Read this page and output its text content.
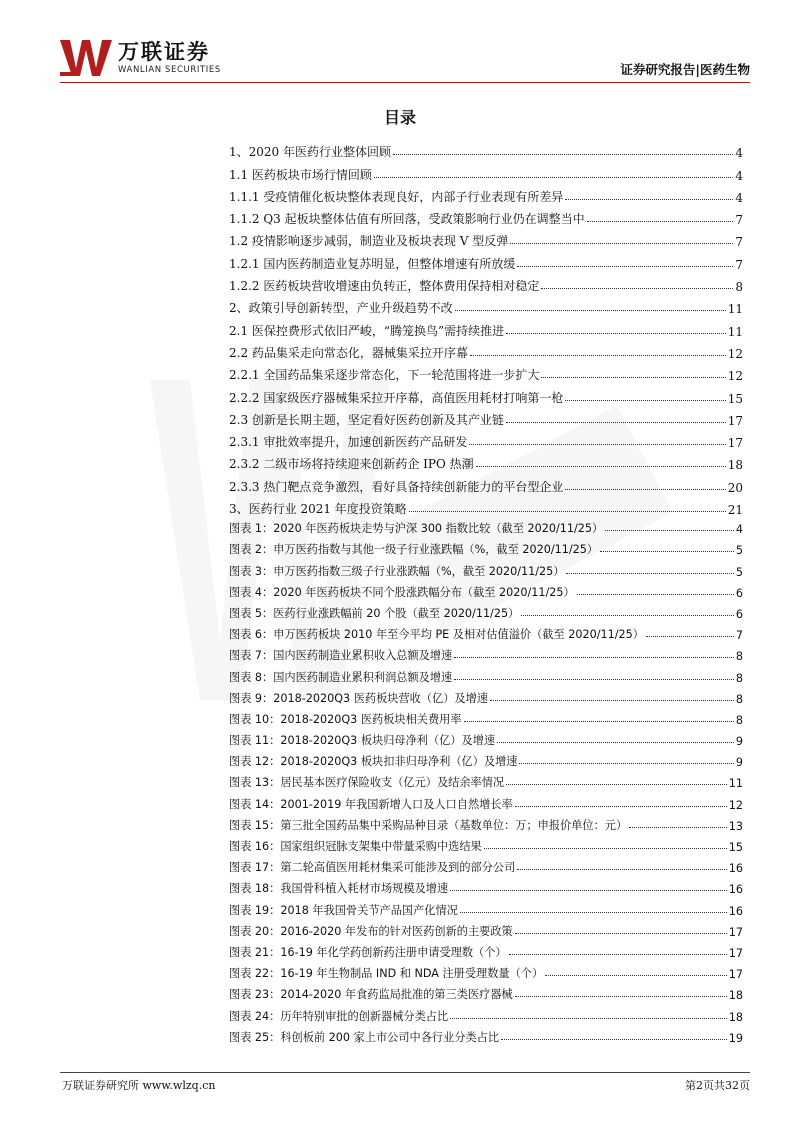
万联证券
WANLIAN SECURITIES	证券研究报告|医药生物
目录
1、2020 年医药行业整体回顾	4
1.1 医药板块市场行情回顾	4
1.1.1 受疫情催化板块整体表现良好，内部子行业表现有所差异	4
1.1.2 Q3 起板块整体估值有所回落，受政策影响行业仍在调整当中	7
1.2 疫情影响逐步减弱，制造业及板块表现 V 型反弹	7
1.2.1 国内医药制造业复苏明显，但整体增速有所放缓	7
1.2.2 医药板块营收增速由负转正，整体费用保持相对稳定	8
2、政策引导创新转型，产业升级趋势不改	11
2.1 医保控费形式依旧严峻，“腾笼换鸟”需持续推进	11
2.2 药品集采走向常态化，器械集采拉开序幕	12
2.2.1 全国药品集采逐步常态化，下一轮范围将进一步扩大	12
2.2.2 国家级医疗器械集采拉开序幕，高值医用耗材打响第一枪	15
2.3 创新是长期主题，坚定看好医药创新及其产业链	17
2.3.1 审批效率提升，加速创新医药产品研发	17
2.3.2 二级市场将持续迎来创新药企 IPO 热潮	18
2.3.3 热门靶点竞争激烈，看好具备持续创新能力的平台型企业	20
3、医药行业 2021 年度投资策略	21
图表 1：2020 年医药板块走势与沪深 300 指数比较（截至 2020/11/25）	4
图表 2：申万医药指数与其他一级子行业涨跌幅（%，截至 2020/11/25）	5
图表 3：申万医药指数三级子行业涨跌幅（%，截至 2020/11/25）	5
图表 4：2020 年医药板块不同个股涨跌幅分布（截至 2020/11/25）	6
图表 5：医药行业涨跌幅前 20 个股（截至 2020/11/25）	6
图表 6：申万医药板块 2010 年至今平均 PE 及相对估值溢价（截至 2020/11/25）	7
图表 7：国内医药制造业累积收入总额及增速	8
图表 8：国内医药制造业累积利润总额及增速	8
图表 9：2018-2020Q3 医药板块营收（亿）及增速	8
图表 10：2018-2020Q3 医药板块相关费用率	8
图表 11：2018-2020Q3 板块归母净利（亿）及增速	9
图表 12：2018-2020Q3 板块扣非归母净利（亿）及增速	9
图表 13：居民基本医疗保险收支（亿元）及结余率情况	11
图表 14：2001-2019 年我国新增人口及人口自然增长率	12
图表 15：第三批全国药品集中采购品种目录（基数单位：万；申报价单位：元）	13
图表 16：国家组织冠脉支架集中带量采购中选结果	15
图表 17：第二轮高值医用耗材集采可能涉及到的部分公司	16
图表 18：我国骨科植入耗材市场规模及增速	16
图表 19：2018 年我国骨关节产品国产化情况	16
图表 20：2016-2020 年发布的针对医药创新的主要政策	17
图表 21：16-19 年化学药创新药注册申请受理数（个）	17
图表 22：16-19 年生物制品 IND 和 NDA 注册受理数量（个）	17
图表 23：2014-2020 年食药监局批准的第三类医疗器械	18
图表 24：历年特别审批的创新器械分类占比	18
图表 25：科创板前 200 家上市公司中各行业分类占比	19
万联证券研究所 www.wlzq.cn	第2页共32页
